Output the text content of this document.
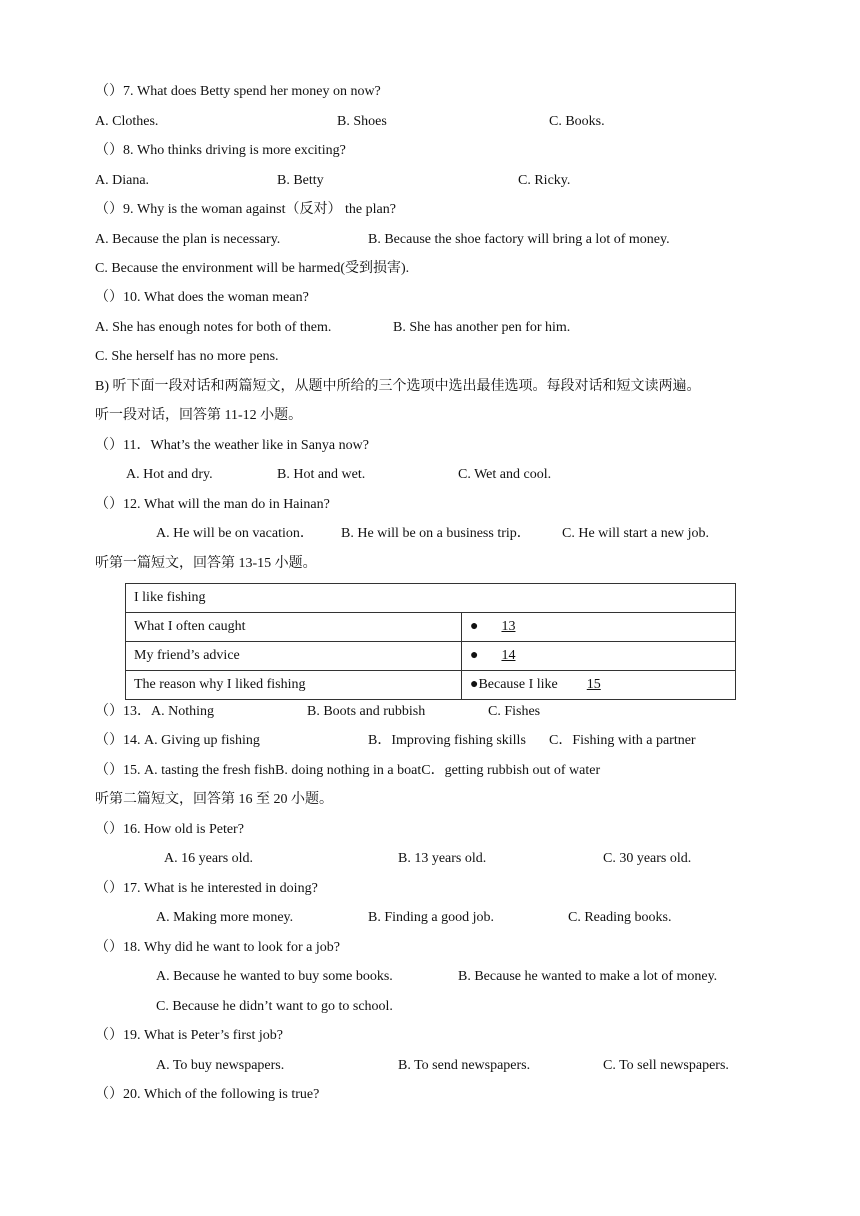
（）7. What does Betty spend her money on now?
A. Clothes.	B. Shoes	C. Books.
（）8. Who thinks driving is more exciting?
A. Diana.	B. Betty	C. Ricky.
（）9. Why is the woman against（反对） the plan?
A. Because the plan is necessary.	B. Because the shoe factory will bring a lot of money.
C. Because the environment will be harmed(受到损害).
（）10. What does the woman mean?
A. She has enough notes for both of them.	B. She has another pen for him.
C. She herself has no more pens.
B) 听下面一段对话和两篇短文，从题中所给的三个选项中选出最佳选项。每段对话和短文读两遍。
听一段对话，回答第 11-12 小题。
（）11．What’s the weather like in Sanya now?
A. Hot and dry.	B. Hot and wet.	C. Wet and cool.
（）12. What will the man do in Hainan?
A. He will be on vacation． B. He will be on a business trip． C. He will start a new job.
听第一篇短文，回答第 13-15 小题。
I like fishing	
What I often caught	● 13
My friend’s advice	● 14
The reason why I liked fishing	●Because I like 15
（）13．A. Nothing	B. Boots and rubbish	C. Fishes
（）14. A. Giving up fishing	B．Improving fishing skills C．Fishing with a partner
（）15. A. tasting the fresh fishB. doing nothing in a boatC．getting rubbish out of water
听第二篇短文，回答第 16 至 20 小题。
（）16. How old is Peter?
A. 16 years old.	B. 13 years old.	C. 30 years old.
（）17. What is he interested in doing?
A. Making more money.	B. Finding a good job.	C. Reading books.
（）18. Why did he want to look for a job?
A. Because he wanted to buy some books.	B. Because he wanted to make a lot of money.
C. Because he didn’t want to go to school.
（）19. What is Peter’s first job?
A. To buy newspapers.	B. To send newspapers.	C. To sell newspapers.
（）20. Which of the following is true?
